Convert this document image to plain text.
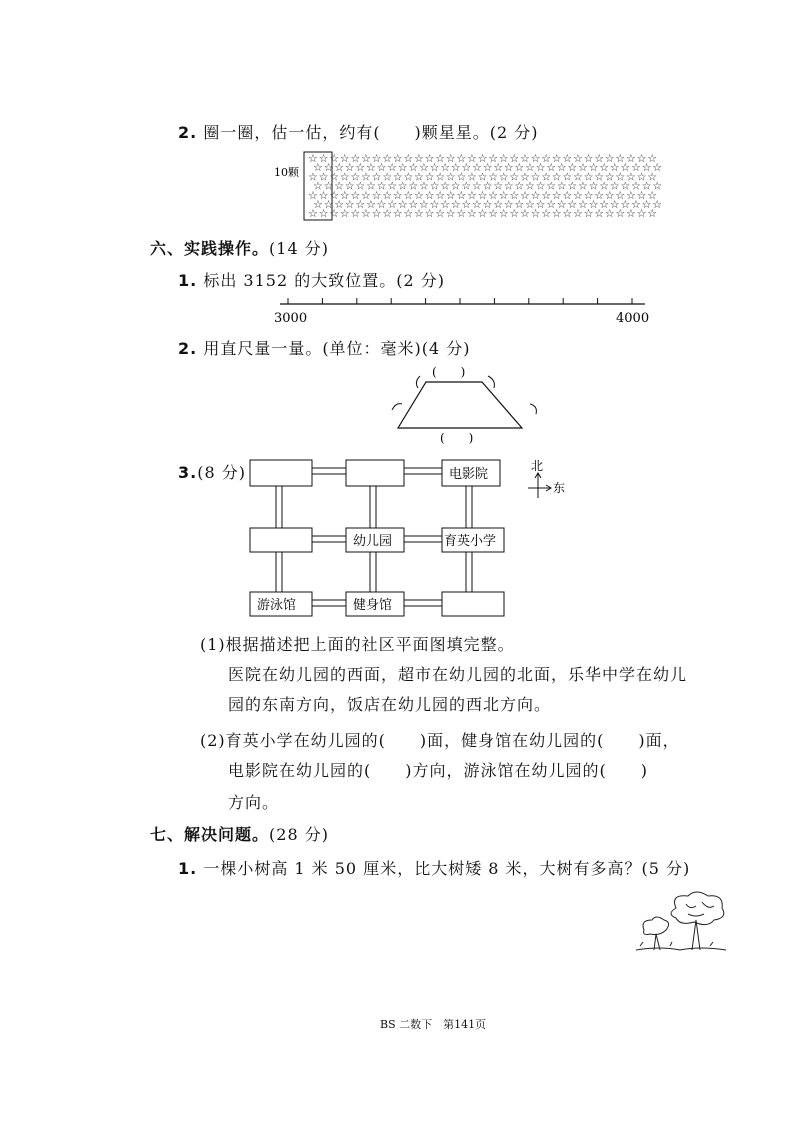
2. 圈一圈，估一估，约有(　　)颗星星。(2 分)
10颗
☆ ☆ ☆ ☆ ☆ ☆ ☆ ☆ ☆ ☆ ☆ ☆ ☆ ☆ ☆ ☆ ☆ ☆ ☆ ☆ ☆ ☆ ☆ ☆ ☆ ☆ ☆ ☆ ☆ ☆ ☆ ☆ ☆
☆ ☆ ☆ ☆ ☆ ☆ ☆ ☆ ☆ ☆ ☆ ☆ ☆ ☆ ☆ ☆ ☆ ☆ ☆ ☆ ☆ ☆ ☆ ☆ ☆ ☆ ☆ ☆ ☆ ☆ ☆ ☆ ☆
☆ ☆ ☆ ☆ ☆ ☆ ☆ ☆ ☆ ☆ ☆ ☆ ☆ ☆ ☆ ☆ ☆ ☆ ☆ ☆ ☆ ☆ ☆ ☆ ☆ ☆ ☆ ☆ ☆ ☆ ☆ ☆ ☆
☆ ☆ ☆ ☆ ☆ ☆ ☆ ☆ ☆ ☆ ☆ ☆ ☆ ☆ ☆ ☆ ☆ ☆ ☆ ☆ ☆ ☆ ☆ ☆ ☆ ☆ ☆ ☆ ☆ ☆ ☆ ☆ ☆
☆ ☆ ☆ ☆ ☆ ☆ ☆ ☆ ☆ ☆ ☆ ☆ ☆ ☆ ☆ ☆ ☆ ☆ ☆ ☆ ☆ ☆ ☆ ☆ ☆ ☆ ☆ ☆ ☆ ☆ ☆ ☆ ☆
☆ ☆ ☆ ☆ ☆ ☆ ☆ ☆ ☆ ☆ ☆ ☆ ☆ ☆ ☆ ☆ ☆ ☆ ☆ ☆ ☆ ☆ ☆ ☆ ☆ ☆ ☆ ☆ ☆ ☆ ☆ ☆ ☆
☆ ☆ ☆ ☆ ☆ ☆ ☆ ☆ ☆ ☆ ☆ ☆ ☆ ☆ ☆ ☆ ☆ ☆ ☆ ☆ ☆ ☆ ☆ ☆ ☆ ☆ ☆ ☆ ☆ ☆ ☆ ☆ ☆
六、实践操作。(14 分)
1. 标出 3152 的大致位置。(2 分)
3000	4000
2. 用直尺量一量。(单位：毫米)(4 分)
(　　)
(　　)
3.(8 分)	电影院
幼儿园	育英小学
游泳馆	健身馆
北
东
(1)根据描述把上面的社区平面图填完整。
医院在幼儿园的西面，超市在幼儿园的北面，乐华中学在幼儿
园的东南方向，饭店在幼儿园的西北方向。
(2)育英小学在幼儿园的(　　)面，健身馆在幼儿园的(　　)面，
电影院在幼儿园的(　　)方向，游泳馆在幼儿园的(　　)
方向。
七、解决问题。(28 分)
1. 一棵小树高 1 米 50 厘米，比大树矮 8 米，大树有多高？(5 分)
BS 二数下　第141页
